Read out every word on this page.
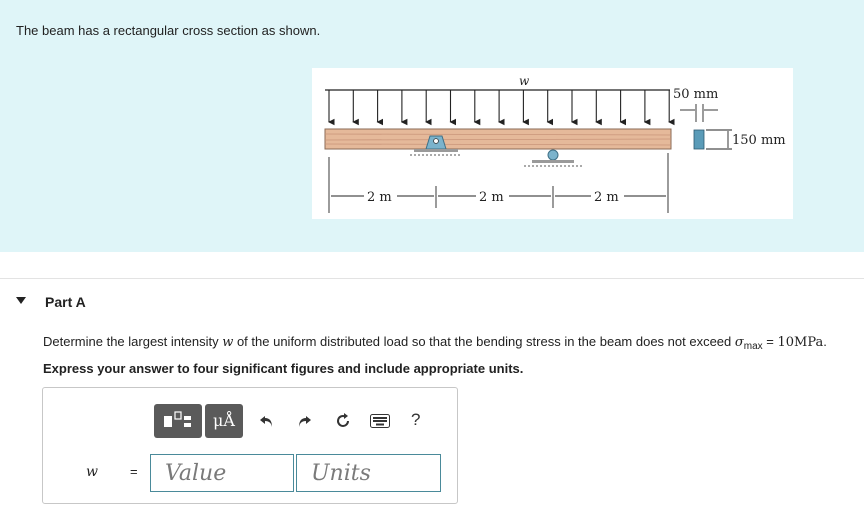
The beam has a rectangular cross section as shown.
w
2 m	2 m	2 m
50 mm
150 mm
Part A
Determine the largest intensity w of the uniform distributed load so that the bending stress in the beam does not exceed $\sigma_{max} = 10MPa$.
Express your answer to four significant figures and include appropriate units.
μÅ	?
w =
Value
Units
